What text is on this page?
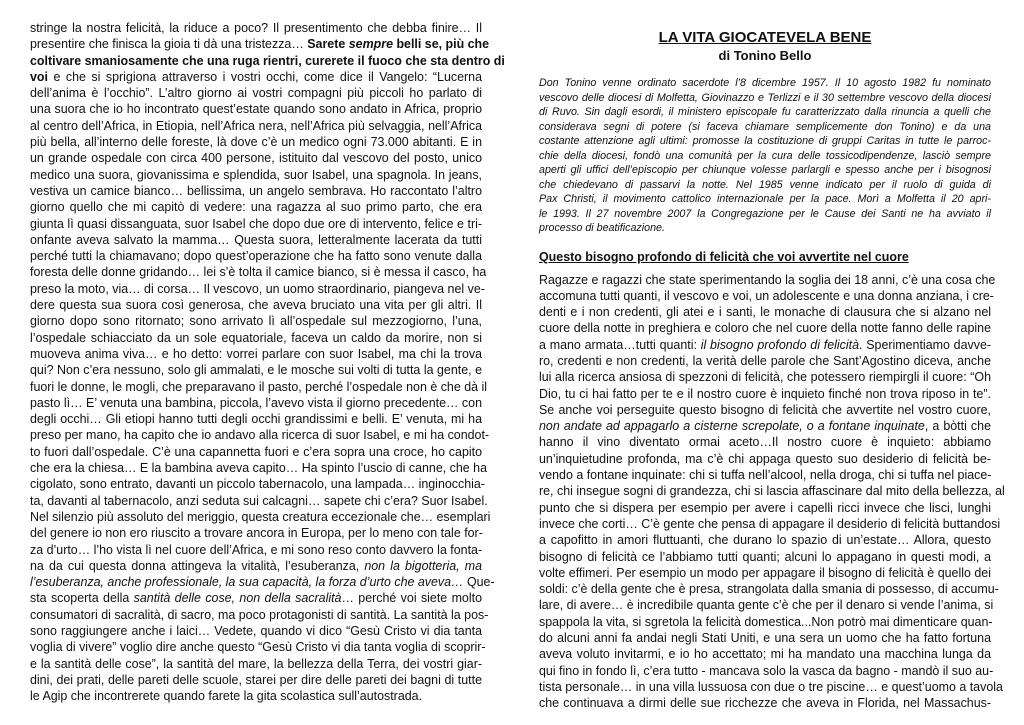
stringe la nostra felicità, la riduce a poco? Il presentimento che debba finire… Il
presentire che finisca la gioia ti dà una tristezza… Sarete sempre belli se, più che
coltivare smaniosamente che una ruga rientri, curerete il fuoco che sta dentro di
voi e che si sprigiona attraverso i vostri occhi, come dice il Vangelo: “Lucerna
dell’anima è l’occhio”. L’altro giorno ai vostri compagni più piccoli ho parlato di
una suora che io ho incontrato quest’estate quando sono andato in Africa, proprio
al centro dell’Africa, in Etiopia, nell’Africa nera, nell’Africa più selvaggia, nell’Africa
più bella, all’interno delle foreste, là dove c’è un medico ogni 73.000 abitanti. E in
un grande ospedale con circa 400 persone, istituito dal vescovo del posto, unico
medico una suora, giovanissima e splendida, suor Isabel, una spagnola. In jeans,
vestiva un camice bianco… bellissima, un angelo sembrava. Ho raccontato l’altro
giorno quello che mi capitò di vedere: una ragazza al suo primo parto, che era
giunta lì quasi dissanguata, suor Isabel che dopo due ore di intervento, felice e tri-
onfante aveva salvato la mamma… Questa suora, letteralmente lacerata da tutti
perché tutti la chiamavano; dopo quest’operazione che ha fatto sono venute dalla
foresta delle donne gridando… lei s’è tolta il camice bianco, si è messa il casco, ha
preso la moto, via… di corsa… Il vescovo, un uomo straordinario, piangeva nel ve-
dere questa sua suora così generosa, che aveva bruciato una vita per gli altri. Il
giorno dopo sono ritornato; sono arrivato lì all’ospedale sul mezzogiorno, l’una,
l’ospedale schiacciato da un sole equatoriale, faceva un caldo da morire, non si
muoveva anima viva… e ho detto: vorrei parlare con suor Isabel, ma chi la trova
qui? Non c’era nessuno, solo gli ammalati, e le mosche sui volti di tutta la gente, e
fuori le donne, le mogli, che preparavano il pasto, perché l’ospedale non è che dà il
pasto lì… E’ venuta una bambina, piccola, l’avevo vista il giorno precedente… con
degli occhi… Gli etiopi hanno tutti degli occhi grandissimi e belli. E’ venuta, mi ha
preso per mano, ha capito che io andavo alla ricerca di suor Isabel, e mi ha condot-
to fuori dall’ospedale. C’è una capannetta fuori e c’era sopra una croce, ho capito
che era la chiesa… E la bambina aveva capito… Ha spinto l’uscio di canne, che ha
cigolato, sono entrato, davanti un piccolo tabernacolo, una lampada… inginocchia-
ta, davanti al tabernacolo, anzi seduta sui calcagni… sapete chi c’era? Suor Isabel.
Nel silenzio più assoluto del meriggio, questa creatura eccezionale che… esemplari
del genere io non ero riuscito a trovare ancora in Europa, per lo meno con tale for-
za d’urto… l’ho vista lì nel cuore dell’Africa, e mi sono reso conto davvero la fonta-
na da cui questa donna attingeva la vitalità, l’esuberanza, non la bigotteria, ma
l’esuberanza, anche professionale, la sua capacità, la forza d’urto che aveva… Que-
sta scoperta della santità delle cose, non della sacralità… perché voi siete molto
consumatori di sacralità, di sacro, ma poco protagonisti di santità. La santità la pos-
sono raggiungere anche i laici… Vedete, quando vi dico “Gesù Cristo vi dia tanta
voglia di vivere” voglio dire anche questo “Gesù Cristo vi dia tanta voglia di scoprir-
e la santità delle cose”, la santità del mare, la bellezza della Terra, dei vostri giar-
dini, dei prati, delle pareti delle scuole, starei per dire delle pareti dei bagni di tutte
le Agip che incontrerete quando farete la gita scolastica sull’autostrada.
LA VITA GIOCATEVELA BENE
di Tonino Bello
Don Tonino venne ordinato sacerdote l’8 dicembre 1957. Il 10 agosto 1982 fu nominato
vescovo delle diocesi di Molfetta, Giovinazzo e Terlizzi e il 30 settembre vescovo della diocesi
di Ruvo. Sin dagli esordi, il ministero episcopale fu caratterizzato dalla rinuncia a quelli che
considerava segni di potere (si faceva chiamare semplicemente don Tonino) e da una
costante attenzione agli ultimi: promosse la costituzione di gruppi Caritas in tutte le parroc-
chie della diocesi, fondò una comunità per la cura delle tossicodipendenze, lasciò sempre
aperti gli uffici dell’episcopio per chiunque volesse parlargli e spesso anche per i bisognosi
che chiedevano di passarvi la notte. Nel 1985 venne indicato per il ruolo di guida di
Pax Christi, il movimento cattolico internazionale per la pace. Morì a Molfetta il 20 apri-
le 1993. Il 27 novembre 2007 la Congregazione per le Cause dei Santi ne ha avviato il
processo di beatificazione.
Questo bisogno profondo di felicità che voi avvertite nel cuore
Ragazze e ragazzi che state sperimentando la soglia dei 18 anni, c’è una cosa che
accomuna tutti quanti, il vescovo e voi, un adolescente e una donna anziana, i cre-
denti e i non credenti, gli atei e i santi, le monache di clausura che si alzano nel
cuore della notte in preghiera e coloro che nel cuore della notte fanno delle rapine
a mano armata…tutti quanti: il bisogno profondo di felicità. Sperimentiamo davve-
ro, credenti e non credenti, la verità delle parole che Sant’Agostino diceva, anche
lui alla ricerca ansiosa di spezzoni di felicità, che potessero riempirgli il cuore: “Oh
Dio, tu ci hai fatto per te e il nostro cuore è inquieto finché non trova riposo in te”.
Se anche voi perseguite questo bisogno di felicità che avvertite nel vostro cuore,
non andate ad appagarlo a cisterne screpolate, o a fontane inquinate, a bòtti che
hanno il vino diventato ormai aceto…Il nostro cuore è inquieto: abbiamo
un’inquietudine profonda, ma c’è chi appaga questo suo desiderio di felicità be-
vendo a fontane inquinate: chi si tuffa nell’alcool, nella droga, chi si tuffa nel piace-
re, chi insegue sogni di grandezza, chi si lascia affascinare dal mito della bellezza, al
punto che si dispera per esempio per avere i capelli ricci invece che lisci, lunghi
invece che corti… C’è gente che pensa di appagare il desiderio di felicità buttandosi
a capofitto in amori fluttuanti, che durano lo spazio di un’estate… Allora, questo
bisogno di felicità ce l’abbiamo tutti quanti; alcuni lo appagano in questi modi, a
volte effimeri. Per esempio un modo per appagare il bisogno di felicità è quello dei
soldi: c’è della gente che è presa, strangolata dalla smania di possesso, di accumu-
lare, di avere… è incredibile quanta gente c’è che per il denaro si vende l’anima, si
spappola la vita, si sgretola la felicità domestica...Non potrò mai dimenticare quan-
do alcuni anni fa andai negli Stati Uniti, e una sera un uomo che ha fatto fortuna
aveva voluto invitarmi, e io ho accettato; mi ha mandato una macchina lunga da
qui fino in fondo lì, c’era tutto - mancava solo la vasca da bagno - mandò il suo au-
tista personale… in una villa lussuosa con due o tre piscine… e quest’uomo a tavola
che continuava a dirmi delle sue ricchezze che aveva in Florida, nel Massachus-
